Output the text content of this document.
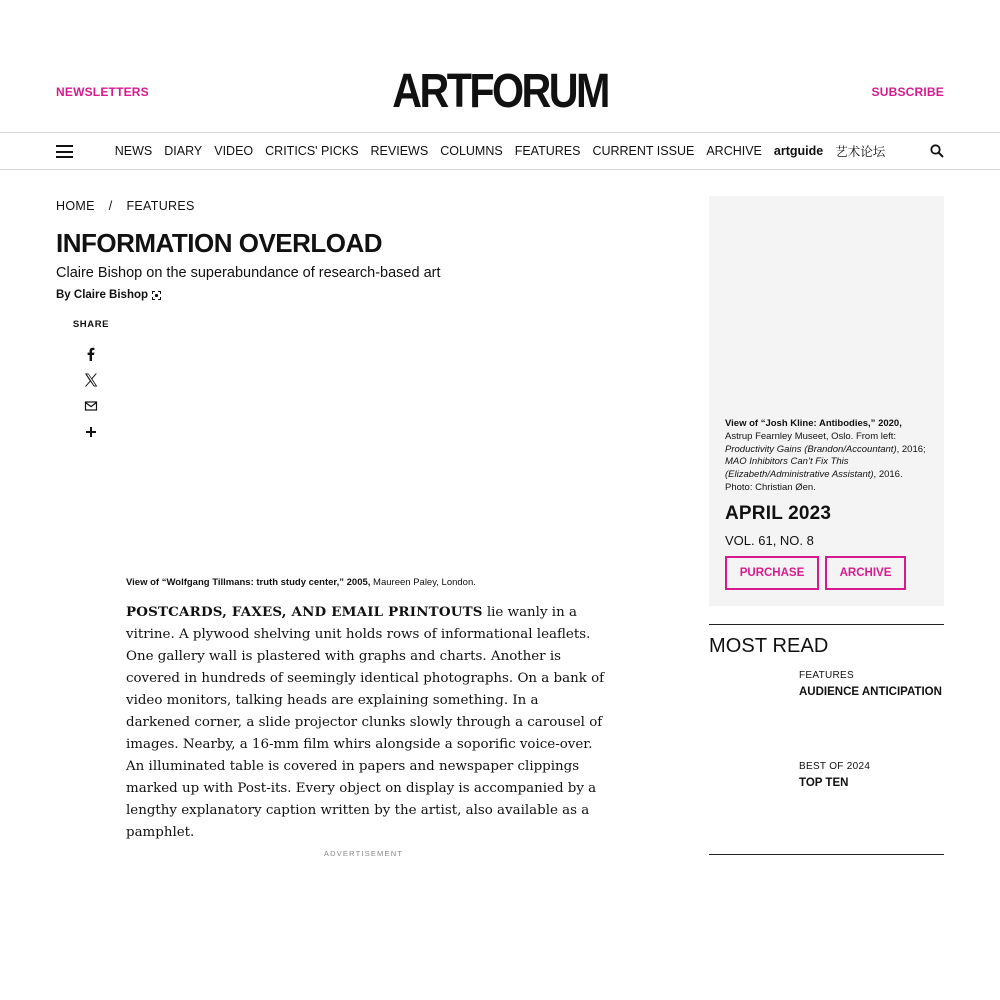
NEWSLETTERS	ARTFORUM	SUBSCRIBE
NEWS DIARY VIDEO CRITICS' PICKS REVIEWS COLUMNS FEATURES CURRENT ISSUE ARCHIVE artguide 艺术论坛
HOME / FEATURES
INFORMATION OVERLOAD
Claire Bishop on the superabundance of research-based art
By Claire Bishop
SHARE
View of “Wolfgang Tillmans: truth study center,” 2005, Maureen Paley, London.

POSTCARDS, FAXES, AND EMAIL PRINTOUTS lie wanly in a vitrine. A plywood shelving unit holds rows of informational leaflets. One gallery wall is plastered with graphs and charts. Another is covered in hundreds of seemingly identical photographs. On a bank of video monitors, talking heads are explaining something. In a darkened corner, a slide projector clunks slowly through a carousel of images. Nearby, a 16-mm film whirs alongside a soporific voice-over. An illuminated table is covered in papers and newspaper clippings marked up with Post-its. Every object on display is accompanied by a lengthy explanatory caption written by the artist, also available as a pamphlet.

ADVERTISEMENT
View of “Josh Kline: Antibodies,” 2020, Astrup Fearnley Museet, Oslo. From left: Productivity Gains (Brandon/Accountant), 2016; MAO Inhibitors Can’t Fix This (Elizabeth/Administrative Assistant), 2016. Photo: Christian Øen.
APRIL 2023
VOL. 61, NO. 8
PURCHASE	ARCHIVE
MOST READ
FEATURES
AUDIENCE ANTICIPATION
BEST OF 2024
TOP TEN
